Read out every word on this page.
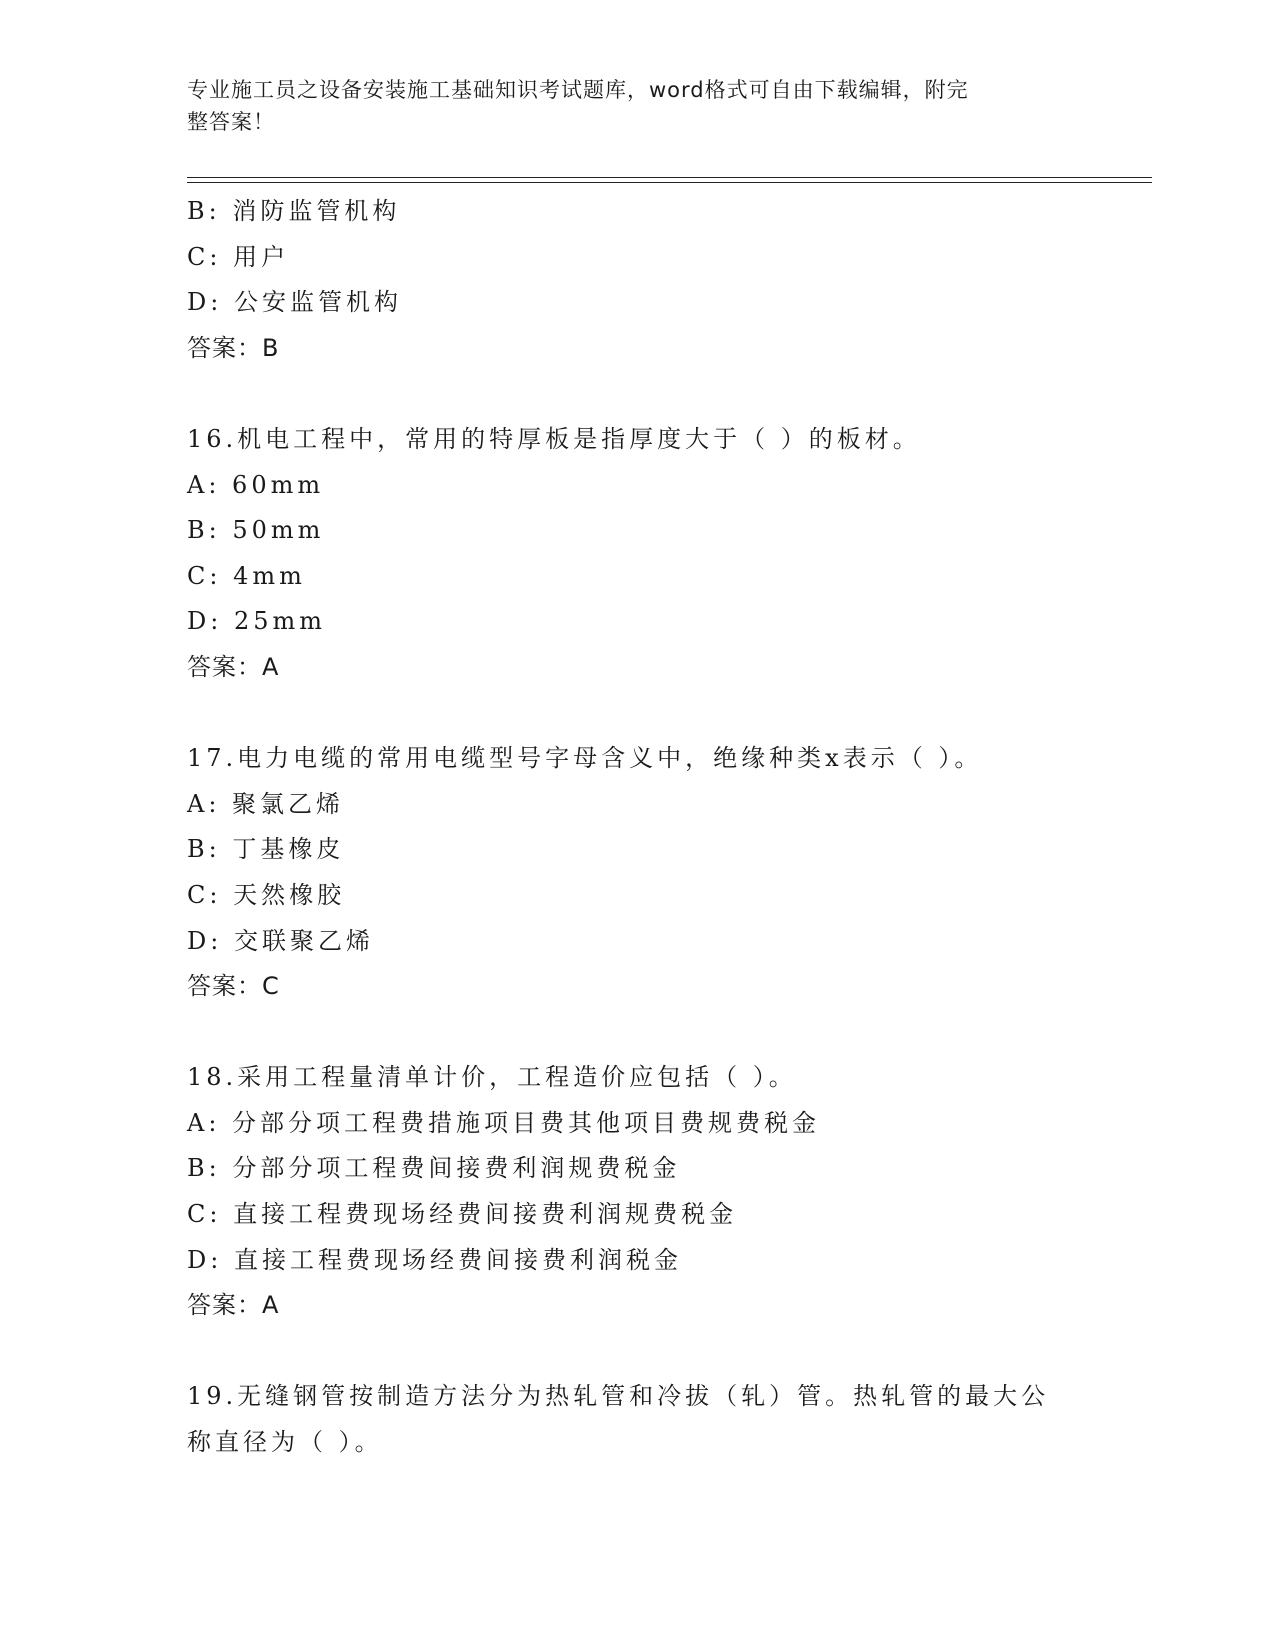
专业施工员之设备安装施工基础知识考试题库，word格式可自由下载编辑，附完
整答案！
B: 消防监管机构
C: 用户
D: 公安监管机构
答案：B
16.机电工程中，常用的特厚板是指厚度大于（ ）的板材。
A: 60mm
B: 50mm
C: 4mm
D: 25mm
答案：A
17.电力电缆的常用电缆型号字母含义中，绝缘种类x表示（ ）。
A: 聚氯乙烯
B: 丁基橡皮
C: 天然橡胶
D: 交联聚乙烯
答案：C
18.采用工程量清单计价，工程造价应包括（ ）。
A: 分部分项工程费措施项目费其他项目费规费税金
B: 分部分项工程费间接费利润规费税金
C: 直接工程费现场经费间接费利润规费税金
D: 直接工程费现场经费间接费利润税金
答案：A
19.无缝钢管按制造方法分为热轧管和冷拔（轧）管。热轧管的最大公
称直径为（ ）。
